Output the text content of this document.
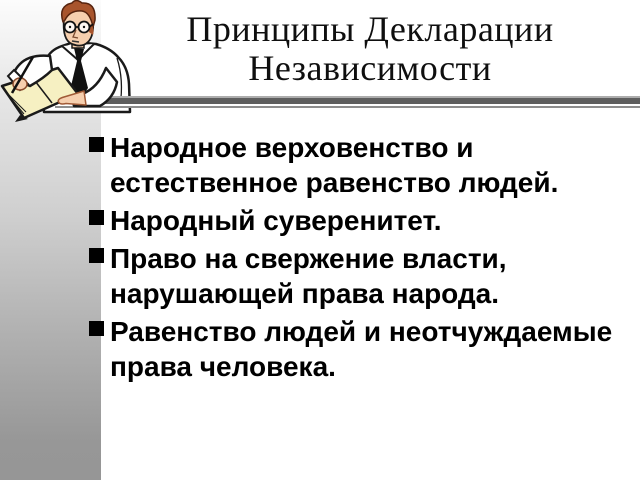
Принципы Декларации
Независимости
Народное верховенство и естественное равенство людей.
Народный суверенитет.
Право на свержение власти, нарушающей права народа.
Равенство людей и неотчуждаемые права человека.
